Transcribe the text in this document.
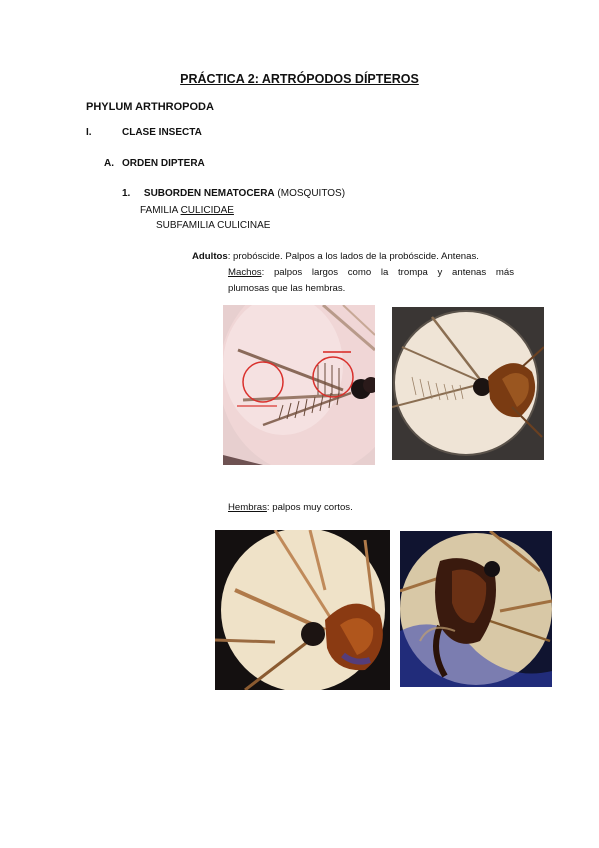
PRÁCTICA 2: ARTRÓPODOS DÍPTEROS
PHYLUM ARTHROPODA
I.	CLASE INSECTA
A. ORDEN DIPTERA
1. SUBORDEN NEMATOCERA (MOSQUITOS)
FAMILIA CULICIDAE
SUBFAMILIA CULICINAE
Adultos: probóscide. Palpos a los lados de la probóscide. Antenas.
Machos: palpos largos como la trompa y antenas más
plumosas que las hembras.
Hembras: palpos muy cortos.
